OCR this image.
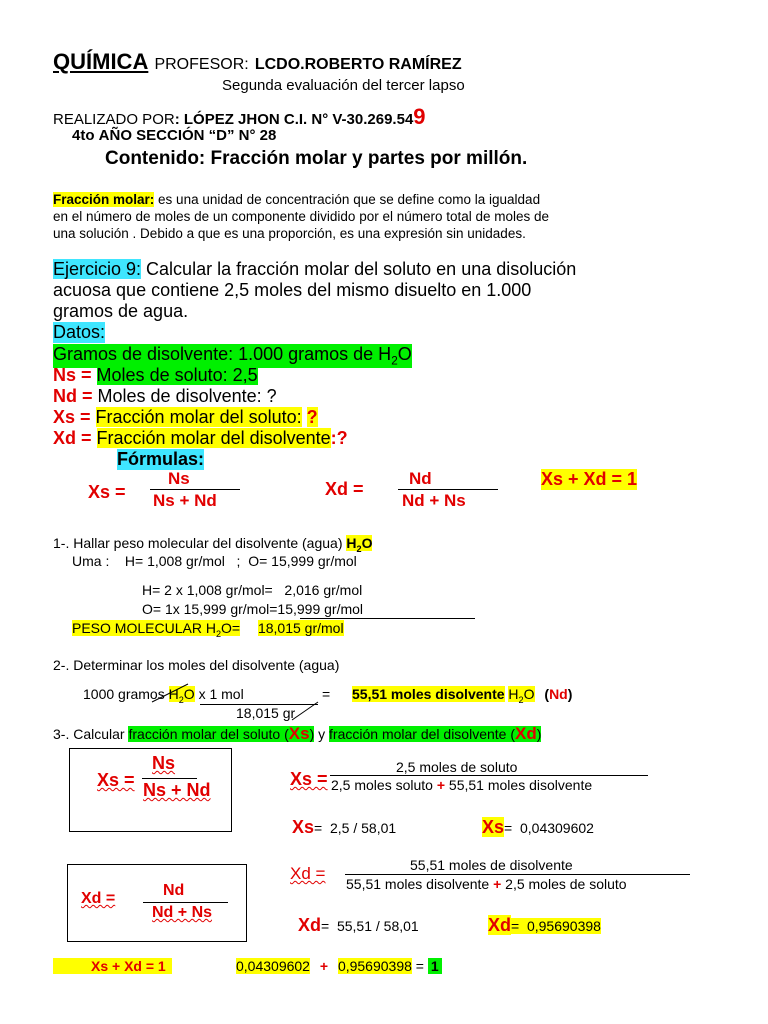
QUÍMICA PROFESOR: LCDO.ROBERTO RAMÍREZ
Segunda evaluación del tercer lapso
REALIZADO POR: LÓPEZ JHON C.I. N° V-30.269.549
4to AÑO SECCIÓN “D” N° 28
Contenido: Fracción molar y partes por millón.
Fracción molar: es una unidad de concentración que se define como la igualdad
en el número de moles de un componente dividido por el número total de moles de
una solución . Debido a que es una proporción, es una expresión sin unidades.
Ejercicio 9: Calcular la fracción molar del soluto en una disolución
acuosa que contiene 2,5 moles del mismo disuelto en 1.000
gramos de agua.
Datos:
Gramos de disolvente: 1.000 gramos de $H_2O$
Ns = Moles de soluto: 2,5
Nd = Moles de disolvente: ?
Xs = Fracción molar del soluto: ?
Xd = Fracción molar del disolvente:?
Fórmulas:
Xs =
Ns
Ns + Nd
Xd =
Nd
Nd + Ns
Xs + Xd = 1
1-. Hallar peso molecular del disolvente (agua) $H_2O$
Uma :    H= 1,008 gr/mol   ;  O= 15,999 gr/mol
H= 2 x 1,008 gr/mol=   2,016 gr/mol
O= 1x 15,999 gr/mol=15,999 gr/mol
PESO MOLECULAR $H_2O= 18,015$ gr/mol
2-. Determinar los moles del disolvente (agua)
1000 gramos $H_2O$ x 1 mol
18,015 gr
= 55,51 moles disolvente $H_2O$ (Nd)
3-. Calcular fracción molar del soluto (Xs) y fracción molar del disolvente (Xd)
Xs =
Ns
Ns + Nd
Xs =
2,5 moles de soluto
2,5 moles soluto + 55,51 moles disolvente
Xs=  2,5 / 58,01	Xs=  0,04309602
Xd =	Nd
Nd + Ns
Xd =	55,51 moles de disolvente
55,51 moles disolvente + 2,5 moles de soluto
Xd=  55,51 / 58,01	Xd=  0,95690398
Xs + Xd = 1	0,04309602 + 0,95690398 = 1
